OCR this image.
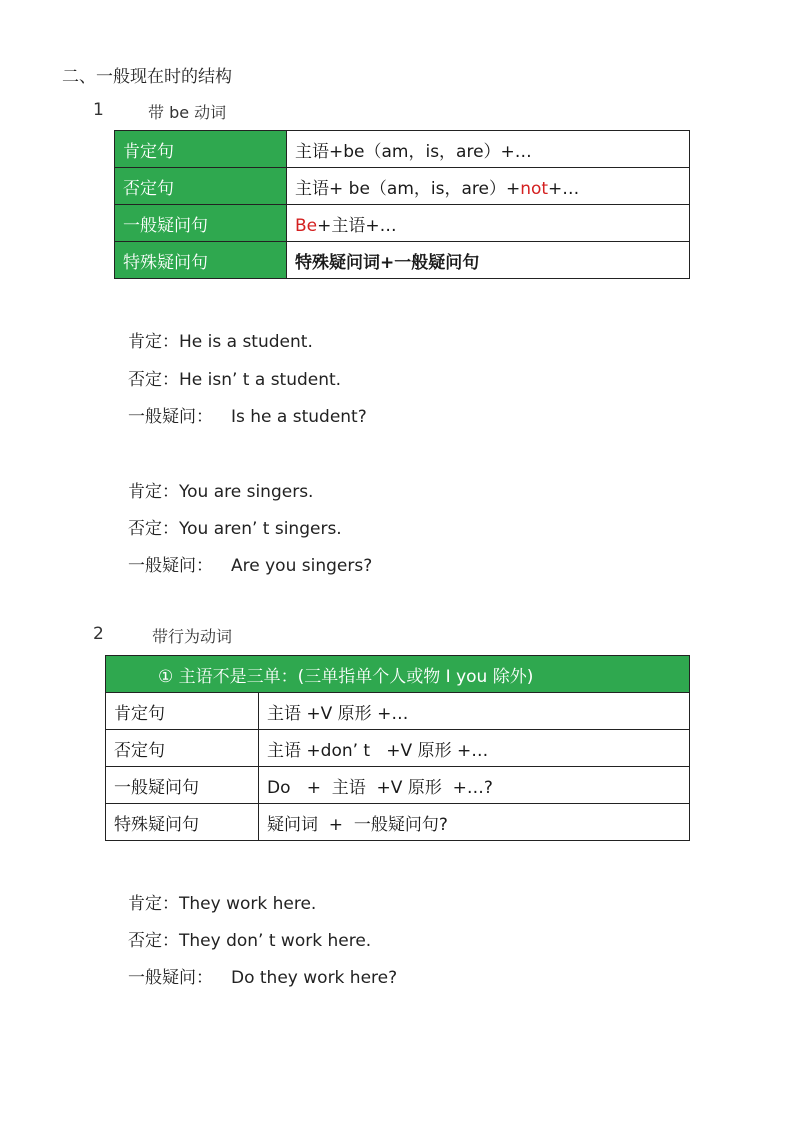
二、一般现在时的结构
1	带 be 动词
肯定句	主语+be（am，is，are）+…
否定句	主语+ be（am，is，are）+not+…
一般疑问句	Be+主语+…
特殊疑问句	特殊疑问词+一般疑问句
肯定：He is a student.
否定：He isn’ t a student.
一般疑问： Is he a student?
肯定：You are singers.
否定：You aren’ t singers.
一般疑问： Are you singers?
2	带行为动词
① 主语不是三单：(三单指单个人或物 I you 除外)	
肯定句	主语 +V 原形 +…
否定句	主语 +don’ t   +V 原形 +…
一般疑问句	Do   +  主语  +V 原形  +…?
特殊疑问句	疑问词  +  一般疑问句?
肯定：They work here.
否定：They don’ t work here.
一般疑问： Do they work here?
